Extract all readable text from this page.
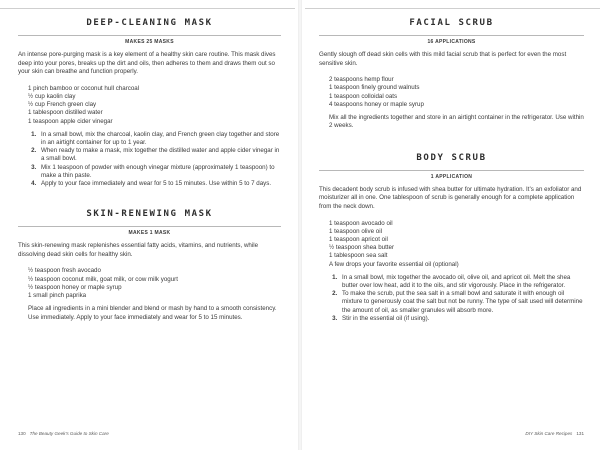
DEEP-CLEANING MASK
MAKES 25 MASKS

An intense pore-purging mask is a key element of a healthy skin care routine. This mask dives deep into your pores, breaks up the dirt and oils, then adheres to them and draws them out so your skin can breathe and function properly.

1 pinch bamboo or coconut hull charcoal
½ cup kaolin clay
½ cup French green clay
1 tablespoon distilled water
1 teaspoon apple cider vinegar
1. In a small bowl, mix the charcoal, kaolin clay, and French green clay together and store in an airtight container for up to 1 year.
2. When ready to make a mask, mix together the distilled water and apple cider vinegar in a small bowl.
3. Mix 1 teaspoon of powder with enough vinegar mixture (approximately 1 teaspoon) to make a thin paste.
4. Apply to your face immediately and wear for 5 to 15 minutes. Use within 5 to 7 days.
SKIN-RENEWING MASK
MAKES 1 MASK

This skin-renewing mask replenishes essential fatty acids, vitamins, and nutrients, while dissolving dead skin cells for healthy skin.

½ teaspoon fresh avocado
½ teaspoon coconut milk, goat milk, or cow milk yogurt
½ teaspoon honey or maple syrup
1 small pinch paprika

Place all ingredients in a mini blender and blend or mash by hand to a smooth consistency. Use immediately. Apply to your face immediately and wear for 5 to 15 minutes.

130 The Beauty Geek’s Guide to Skin Care
FACIAL SCRUB
16 APPLICATIONS

Gently slough off dead skin cells with this mild facial scrub that is perfect for even the most sensitive skin.

2 teaspoons hemp flour
1 teaspoon finely ground walnuts
1 teaspoon colloidal oats
4 teaspoons honey or maple syrup

Mix all the ingredients together and store in an airtight container in the refrigerator. Use within 2 weeks.

BODY SCRUB
1 APPLICATION

This decadent body scrub is infused with shea butter for ultimate hydration. It’s an exfoliator and moisturizer all in one. One tablespoon of scrub is generally enough for a complete application from the neck down.

1 teaspoon avocado oil
1 teaspoon olive oil
1 teaspoon apricot oil
½ teaspoon shea butter
1 tablespoon sea salt
A few drops your favorite essential oil (optional)
1. In a small bowl, mix together the avocado oil, olive oil, and apricot oil. Melt the shea butter over low heat, add it to the oils, and stir vigorously. Place in the refrigerator.
2. To make the scrub, put the sea salt in a small bowl and saturate it with enough oil mixture to generously coat the salt but not be runny. The type of salt used will determine the amount of oil, as smaller granules will absorb more.
3. Stir in the essential oil (if using).
DIY Skin Care Recipes 131
